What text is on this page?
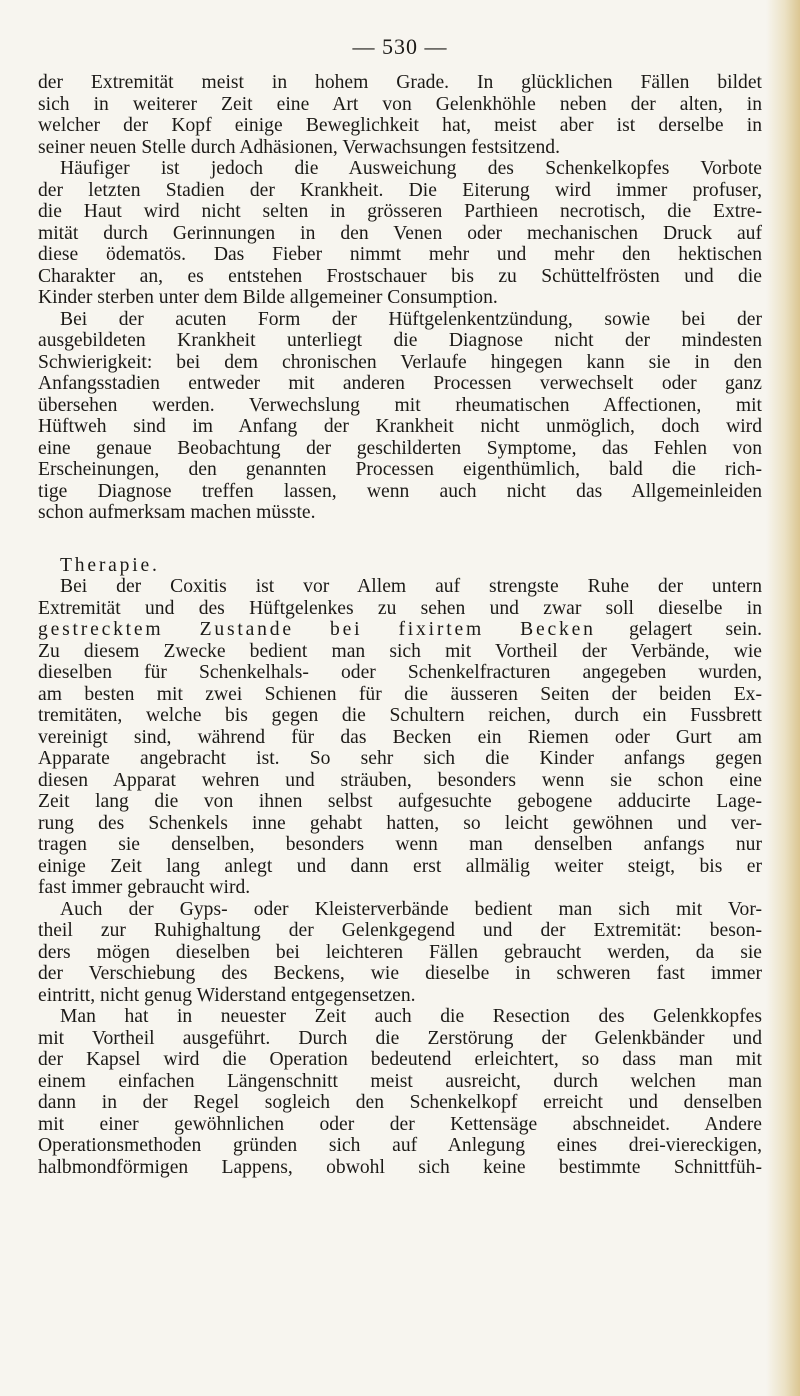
— 530 —
der Extremität meist in hohem Grade. In glücklichen Fällen bildet
sich in weiterer Zeit eine Art von Gelenkhöhle neben der alten, in
welcher der Kopf einige Beweglichkeit hat, meist aber ist derselbe in
seiner neuen Stelle durch Adhäsionen, Verwachsungen festsitzend.
Häufiger ist jedoch die Ausweichung des Schenkelkopfes Vorbote
der letzten Stadien der Krankheit. Die Eiterung wird immer profuser,
die Haut wird nicht selten in grösseren Parthieen necrotisch, die Extre-
mität durch Gerinnungen in den Venen oder mechanischen Druck auf
diese ödematös. Das Fieber nimmt mehr und mehr den hektischen
Charakter an, es entstehen Frostschauer bis zu Schüttelfrösten und die
Kinder sterben unter dem Bilde allgemeiner Consumption.
Bei der acuten Form der Hüftgelenkentzündung, sowie bei der
ausgebildeten Krankheit unterliegt die Diagnose nicht der mindesten
Schwierigkeit: bei dem chronischen Verlaufe hingegen kann sie in den
Anfangsstadien entweder mit anderen Processen verwechselt oder ganz
übersehen werden. Verwechslung mit rheumatischen Affectionen, mit
Hüftweh sind im Anfang der Krankheit nicht unmöglich, doch wird
eine genaue Beobachtung der geschilderten Symptome, das Fehlen von
Erscheinungen, den genannten Processen eigenthümlich, bald die rich-
tige Diagnose treffen lassen, wenn auch nicht das Allgemeinleiden
schon aufmerksam machen müsste.
Therapie.
Bei der Coxitis ist vor Allem auf strengste Ruhe der untern
Extremität und des Hüftgelenkes zu sehen und zwar soll dieselbe in
gestrecktem Zustande bei fixirtem Becken gelagert sein.
Zu diesem Zwecke bedient man sich mit Vortheil der Verbände, wie
dieselben für Schenkelhals- oder Schenkelfracturen angegeben wurden,
am besten mit zwei Schienen für die äusseren Seiten der beiden Ex-
tremitäten, welche bis gegen die Schultern reichen, durch ein Fussbrett
vereinigt sind, während für das Becken ein Riemen oder Gurt am
Apparate angebracht ist. So sehr sich die Kinder anfangs gegen
diesen Apparat wehren und sträuben, besonders wenn sie schon eine
Zeit lang die von ihnen selbst aufgesuchte gebogene adducirte Lage-
rung des Schenkels inne gehabt hatten, so leicht gewöhnen und ver-
tragen sie denselben, besonders wenn man denselben anfangs nur
einige Zeit lang anlegt und dann erst allmälig weiter steigt, bis er
fast immer gebraucht wird.
Auch der Gyps- oder Kleisterverbände bedient man sich mit Vor-
theil zur Ruhighaltung der Gelenkgegend und der Extremität: beson-
ders mögen dieselben bei leichteren Fällen gebraucht werden, da sie
der Verschiebung des Beckens, wie dieselbe in schweren fast immer
eintritt, nicht genug Widerstand entgegensetzen.
Man hat in neuester Zeit auch die Resection des Gelenkkopfes
mit Vortheil ausgeführt. Durch die Zerstörung der Gelenkbänder und
der Kapsel wird die Operation bedeutend erleichtert, so dass man mit
einem einfachen Längenschnitt meist ausreicht, durch welchen man
dann in der Regel sogleich den Schenkelkopf erreicht und denselben
mit einer gewöhnlichen oder der Kettensäge abschneidet. Andere
Operationsmethoden gründen sich auf Anlegung eines drei-viereckigen,
halbmondförmigen Lappens, obwohl sich keine bestimmte Schnittfüh-
